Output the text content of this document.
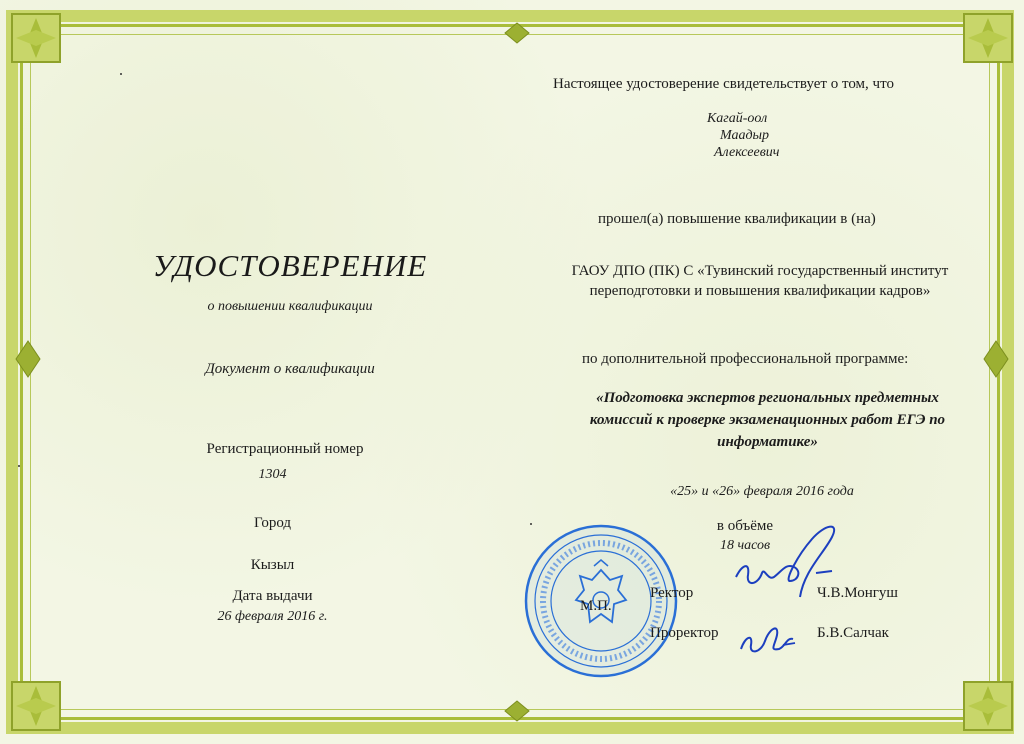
УДОСТОВЕРЕНИЕ
о повышении квалификации
Документ о квалификации
Регистрационный номер
1304
Город
Кызыл
Дата выдачи
26 февраля 2016 г.
Настоящее удостоверение свидетельствует о том, что
Кагай-оол
Маадыр
Алексеевич
прошел(а) повышение квалификации в (на)
ГАОУ ДПО (ПК) С «Тувинский государственный институт
переподготовки и повышения квалификации кадров»
по дополнительной профессиональной программе:
«Подготовка экспертов региональных предметных
комиссий к проверке экзаменационных работ ЕГЭ по
информатике»
«25» и «26» февраля 2016 года
в объёме
18 часов
М.П.
Ректор	Ч.В.Монгуш
Проректор	Б.В.Салчак
